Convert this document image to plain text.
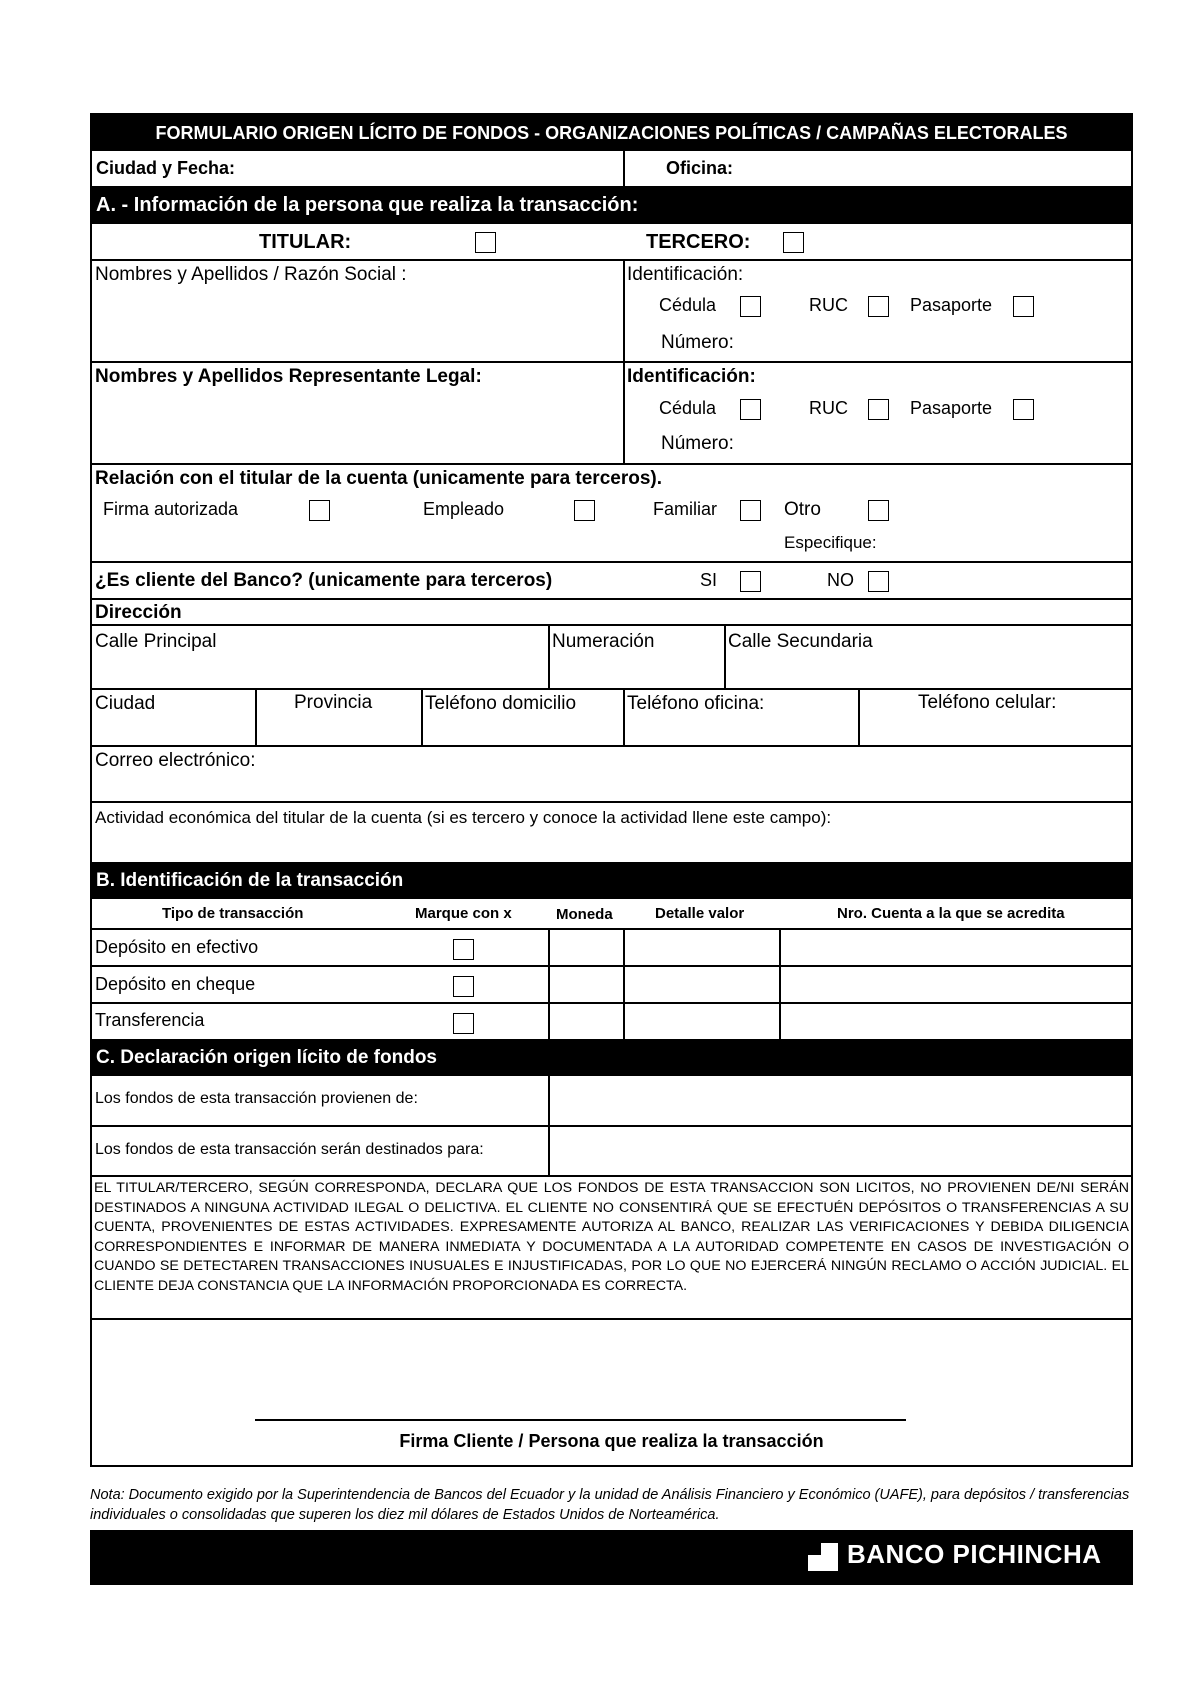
FORMULARIO ORIGEN LÍCITO DE FONDOS - ORGANIZACIONES POLÍTICAS / CAMPAÑAS ELECTORALES
Ciudad y Fecha:	Oficina:
A. - Información de la persona que realiza la transacción:
TITULAR:	TERCERO:
Nombres y Apellidos / Razón Social :	Identificación:
Cédula	RUC	Pasaporte
Número:
Nombres y Apellidos Representante Legal:	Identificación:
Cédula	RUC	Pasaporte
Número:
Relación con el titular de la cuenta (unicamente para terceros).
Firma autorizada	Empleado	Familiar	Otro
Especifique:
¿Es cliente del Banco? (unicamente para terceros)	SI	NO
Dirección
Calle Principal	Numeración	Calle Secundaria
Ciudad	Provincia	Teléfono domicilio	Teléfono oficina:	Teléfono celular:
Correo electrónico:
Actividad económica del titular de la cuenta (si es tercero y conoce la actividad llene este campo):
B. Identificación de la transacción
Tipo de transacción	Marque con x	Moneda	Detalle valor	Nro. Cuenta a la que se acredita
Depósito en efectivo
Depósito en cheque
Transferencia
C. Declaración origen lícito de fondos
Los fondos de esta transacción provienen de:
Los fondos de esta transacción serán destinados para:
EL TITULAR/TERCERO, SEGÚN CORRESPONDA, DECLARA QUE LOS FONDOS DE ESTA TRANSACCION SON LICITOS, NO PROVIENEN DE/NI SERÁN DESTINADOS A NINGUNA ACTIVIDAD ILEGAL O DELICTIVA. EL CLIENTE NO CONSENTIRÁ QUE SE EFECTUÉN DEPÓSITOS O TRANSFERENCIAS A SU CUENTA, PROVENIENTES DE ESTAS ACTIVIDADES. EXPRESAMENTE AUTORIZA AL BANCO, REALIZAR LAS VERIFICACIONES Y DEBIDA DILIGENCIA CORRESPONDIENTES E INFORMAR DE MANERA INMEDIATA Y DOCUMENTADA A LA AUTORIDAD COMPETENTE EN CASOS DE INVESTIGACIÓN O CUANDO SE DETECTAREN TRANSACCIONES INUSUALES E INJUSTIFICADAS, POR LO QUE NO EJERCERÁ NINGÚN RECLAMO O ACCIÓN JUDICIAL. EL CLIENTE DEJA CONSTANCIA QUE LA INFORMACIÓN PROPORCIONADA ES CORRECTA.
Firma Cliente / Persona que realiza la transacción
Nota: Documento exigido por la Superintendencia de Bancos del Ecuador y la unidad de Análisis Financiero y Económico (UAFE), para depósitos / transferencias individuales o consolidadas que superen los diez mil dólares de Estados Unidos de Norteamérica.
BANCO PICHINCHA
